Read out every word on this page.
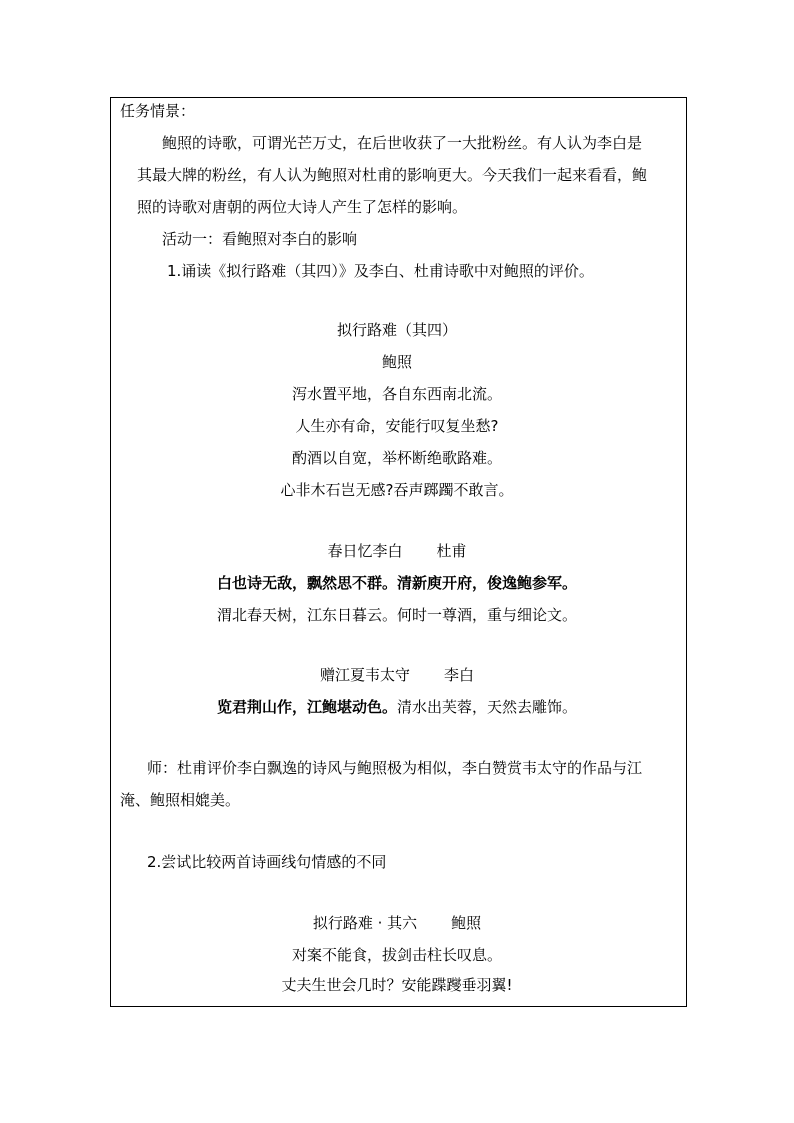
任务情景：
鲍照的诗歌，可谓光芒万丈，在后世收获了一大批粉丝。有人认为李白是
其最大牌的粉丝，有人认为鲍照对杜甫的影响更大。今天我们一起来看看，鲍
照的诗歌对唐朝的两位大诗人产生了怎样的影响。
活动一：看鲍照对李白的影响
1.诵读《拟行路难（其四）》及李白、杜甫诗歌中对鲍照的评价。
拟行路难（其四）
鲍照
泻水置平地，各自东西南北流。
人生亦有命，安能行叹复坐愁?
酌酒以自宽，举杯断绝歌路难。
心非木石岂无感?吞声踯躅不敢言。
春日忆李白 杜甫
白也诗无敌，飘然思不群。清新庾开府，俊逸鲍参军。
渭北春天树，江东日暮云。何时一尊酒，重与细论文。
赠江夏韦太守 李白
览君荆山作，江鲍堪动色。清水出芙蓉，天然去雕饰。
师：杜甫评价李白飘逸的诗风与鲍照极为相似，李白赞赏韦太守的作品与江
淹、鲍照相媲美。
2.尝试比较两首诗画线句情感的不同
拟行路难 · 其六 鲍照
对案不能食，拔剑击柱长叹息。
丈夫生世会几时？安能蹀躞垂羽翼!
